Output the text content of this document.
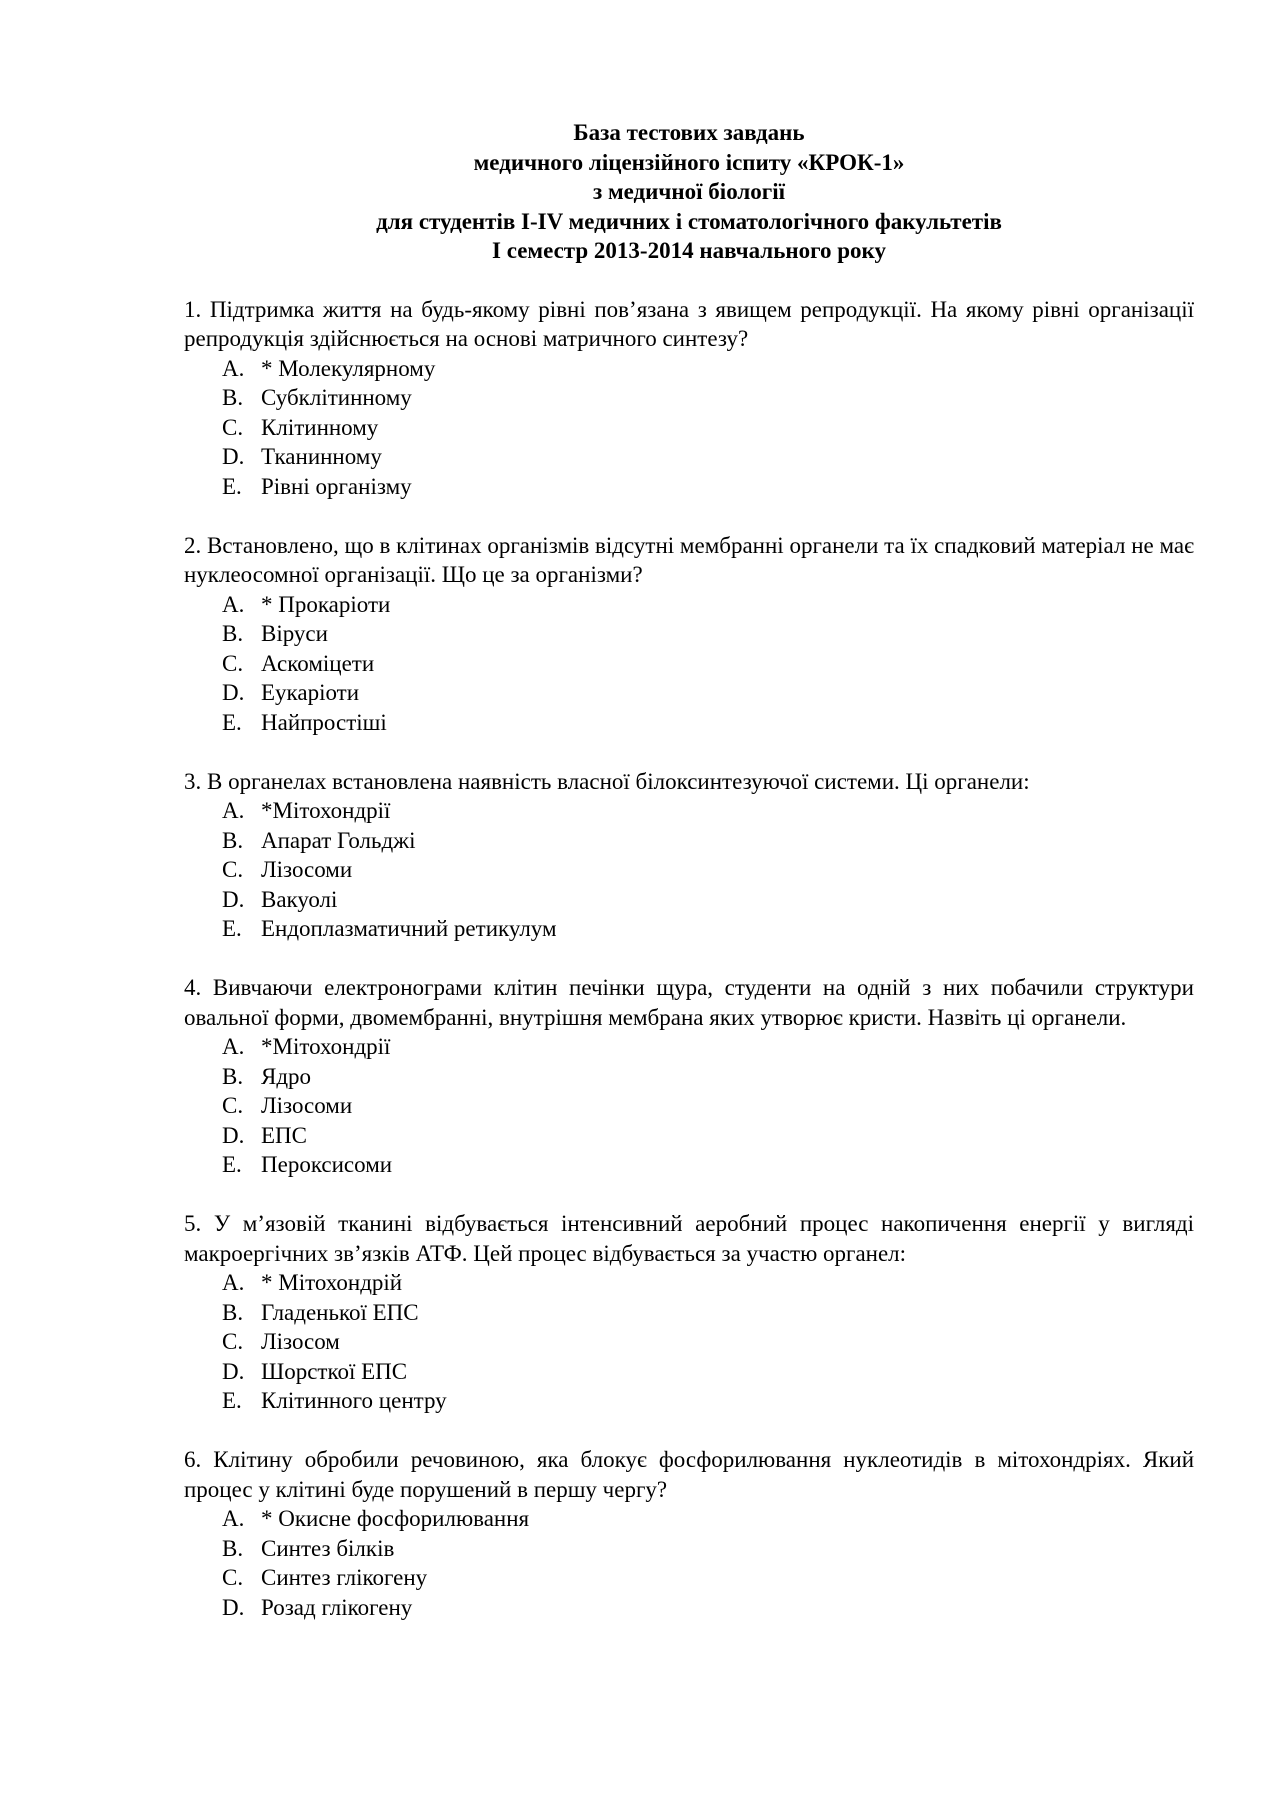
База тестових завдань
медичного ліцензійного іспиту «КРОК-1»
з медичної біології
для студентів I-IV медичних і стоматологічного факультетів
І семестр 2013-2014 навчального року
1. Підтримка життя на будь-якому рівні пов’язана з явищем репродукції. На якому рівні організації репродукція здійснюється на основі матричного синтезу?
A. * Молекулярному
B. Субклітинному
C. Клітинному
D. Тканинному
E. Рівні організму
2. Встановлено, що в клітинах організмів відсутні мембранні органели та їх спадковий матеріал не має нуклеосомної організації. Що це за організми?
A. * Прокаріоти
B. Віруси
C. Аскоміцети
D. Еукаріоти
E. Найпростіші
3. В органелах встановлена наявність власної білоксинтезуючої системи. Ці органели:
A. *Мітохондрії
B. Апарат Гольджі
C. Лізосоми
D. Вакуолі
E. Ендоплазматичний ретикулум
4. Вивчаючи електронограми клітин печінки щура, студенти на одній з них побачили структури овальної форми, двомембранні, внутрішня мембрана яких утворює кристи. Назвіть ці органели.
A. *Мітохондрії
B. Ядро
C. Лізосоми
D. ЕПС
E. Пероксисоми
5. У м’язовій тканині відбувається інтенсивний аеробний процес накопичення енергії у вигляді макроергічних зв’язків АТФ. Цей процес відбувається за участю органел:
A. * Мітохондрій
B. Гладенької ЕПС
C. Лізосом
D. Шорсткої ЕПС
E. Клітинного центру
6. Клітину обробили речовиною, яка блокує фосфорилювання нуклеотидів в мітохондріях. Який процес у клітині буде порушений в першу чергу?
A. * Окисне фосфорилювання
B. Синтез білків
C. Синтез глікогену
D. Розад глікогену
